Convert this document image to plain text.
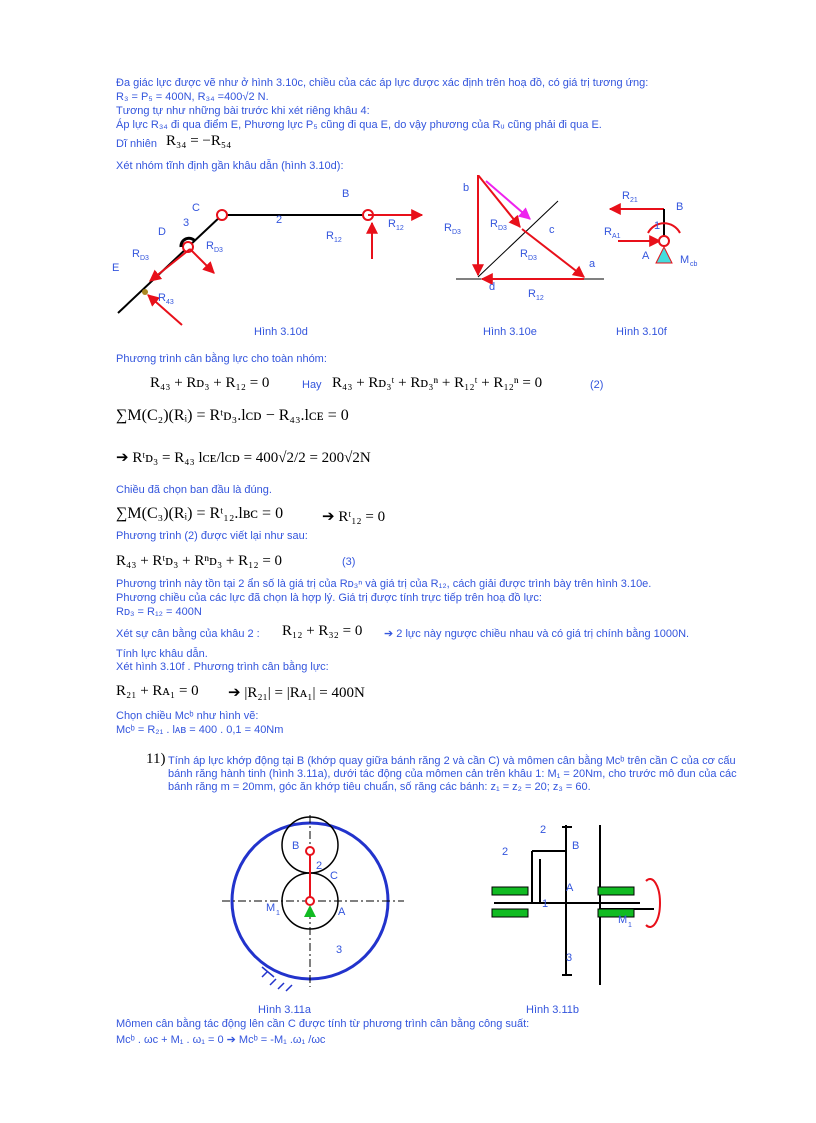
Đa giác lực được vẽ như ở hình 3.10c, chiều của các áp lực được xác định trên hoạ đồ, có giá trị tương ứng:
R₃ = P₅ = 400N, R₃₄ =400√2 N.
Tương tự như những bài trước khi xét riêng khâu 4:
Áp lực R₃₄ đi qua điểm E, Phương lực P₅ cũng đi qua E, do vậy phương của Rᵤ cũng phải đi qua E.
Dĩ nhiên R₃₄ = −R₅₄
Xét nhóm tĩnh định gần khâu dẫn (hình 3.10d):
C
3
D
2
B
R 12
R 12
R D3
R D3
E
R 43
b
R D3
R D3
R D3
c
a
d
R 12
R 21
B
1
R A1
A	M cb
Hình 3.10d	Hình 3.10e	Hình 3.10f
Phương trình cân bằng lực cho toàn nhóm:
R₄₃ + Rᴅ₃ + R₁₂ = 0	Hay R₄₃ + Rᴅ₃ᵗ + Rᴅ₃ⁿ + R₁₂ᵗ + R₁₂ⁿ = 0	(2)
∑M(C₂)(Rᵢ) = Rᵗᴅ₃.lᴄᴅ − R₄₃.lᴄᴇ = 0
➔ Rᵗᴅ₃ = R₄₃ lᴄᴇ/lᴄᴅ = 400√2/2 = 200√2N
Chiều đã chọn ban đầu là đúng.
∑M(C₃)(Rᵢ) = Rᵗ₁₂.lʙᴄ = 0	➔ Rᵗ₁₂ = 0
Phương trình (2) được viết lại như sau:
R₄₃ + Rᵗᴅ₃ + Rⁿᴅ₃ + R₁₂ = 0	(3)
Phương trình này tồn tại 2 ẩn số là giá trị của Rᴅ₃ⁿ và giá trị của R₁₂, cách giải được trình bày trên hình 3.10e.
Phương chiều của các lực đã chọn là hợp lý. Giá trị được tính trực tiếp trên hoạ đồ lực:
Rᴅ₃ = R₁₂ = 400N
Xét sự cân bằng của khâu 2 : R₁₂ + R₃₂ = 0 ➔ 2 lực này ngược chiều nhau và có giá trị chính bằng 1000N.
Tính lực khâu dẫn.
Xét hình 3.10f . Phương trình cân bằng lực:
R₂₁ + Rᴀ₁ = 0 ➔ |R₂₁| = |Rᴀ₁| = 400N
Chọn chiều Mᴄᵇ như hình vẽ:
Mᴄᵇ = R₂₁ . lᴀʙ = 400 . 0,1 = 40Nm
11) Tính áp lực khớp động tại B (khớp quay giữa bánh răng 2 và cần C) và mômen cân bằng Mᴄᵇ trên cần C của cơ cấu bánh răng hành tinh (hình 3.11a), dưới tác động của mômen cản trên khâu 1: M₁ = 20Nm, cho trước mô đun của các bánh răng m = 20mm, góc ăn khớp tiêu chuẩn, số răng các bánh: z₁ = z₂ = 20; z₃ = 60.
B
2
C
M 1	A
3
2
2	B
A
1
M 1
3
Hình 3.11a	Hình 3.11b
Mômen cân bằng tác động lên cần C được tính từ phương trình cân bằng công suất:
Mᴄᵇ . ωᴄ + M₁ . ω₁ = 0 ➔ Mᴄᵇ = -M₁ .ω₁ /ωᴄ
